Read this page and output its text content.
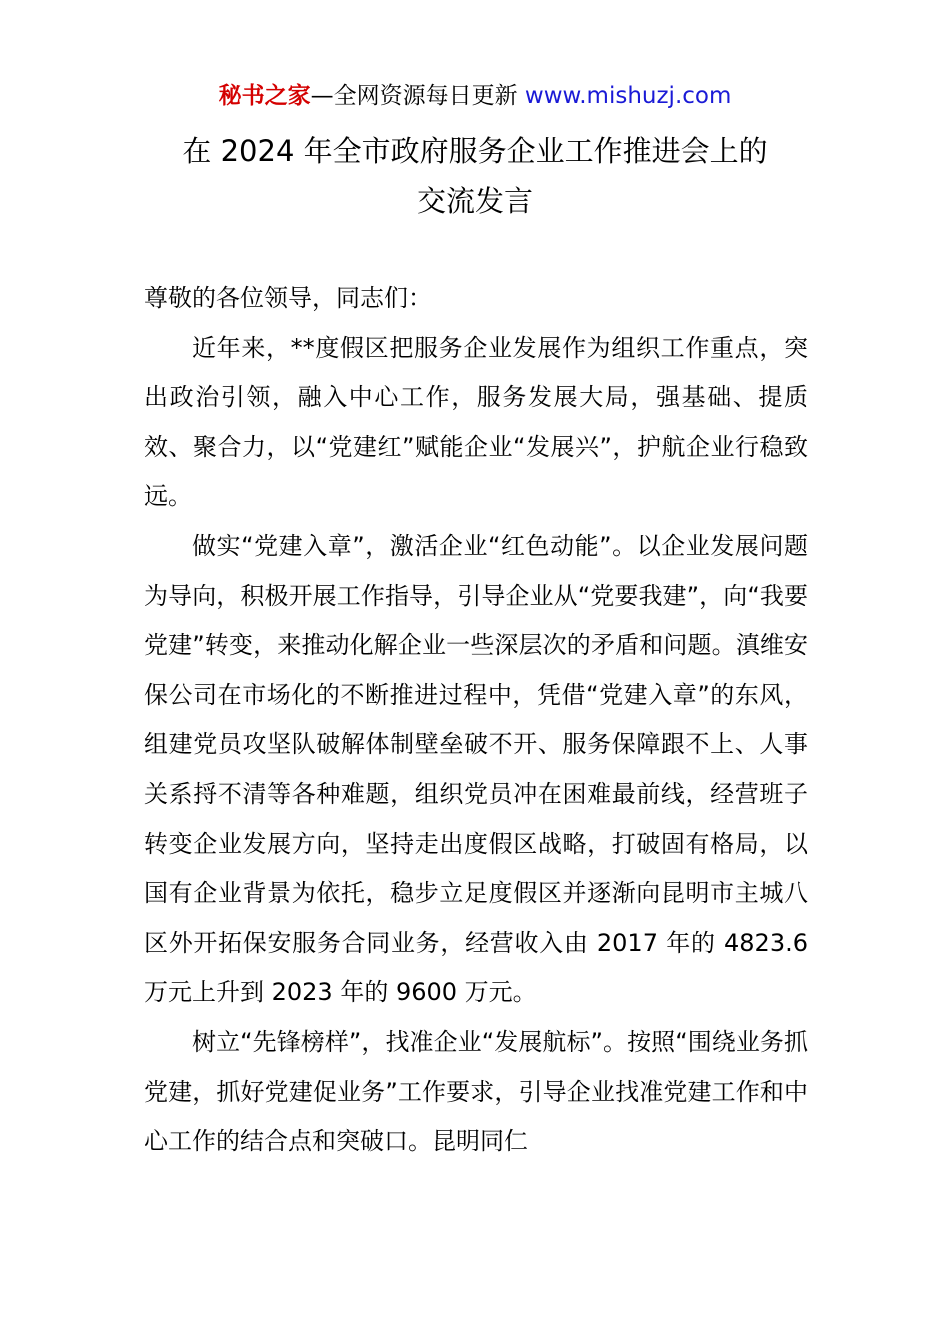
秘书之家—全网资源每日更新 www.mishuzj.com
在 2024 年全市政府服务企业工作推进会上的
交流发言

尊敬的各位领导，同志们：

近年来，**度假区把服务企业发展作为组织工作重点，突出政治引领，融入中心工作，服务发展大局，强基础、提质效、聚合力，以“党建红”赋能企业“发展兴”，护航企业行稳致远。

做实“党建入章”，激活企业“红色动能”。以企业发展问题为导向，积极开展工作指导，引导企业从“党要我建”，向“我要党建”转变，来推动化解企业一些深层次的矛盾和问题。滇维安保公司在市场化的不断推进过程中，凭借“党建入章”的东风，组建党员攻坚队破解体制壁垒破不开、服务保障跟不上、人事关系捋不清等各种难题，组织党员冲在困难最前线，经营班子转变企业发展方向，坚持走出度假区战略，打破固有格局，以国有企业背景为依托，稳步立足度假区并逐渐向昆明市主城八区外开拓保安服务合同业务，经营收入由 2017 年的 4823.6 万元上升到 2023 年的 9600 万元。

树立“先锋榜样”，找准企业“发展航标”。按照“围绕业务抓党建，抓好党建促业务”工作要求，引导企业找准党建工作和中心工作的结合点和突破口。昆明同仁
